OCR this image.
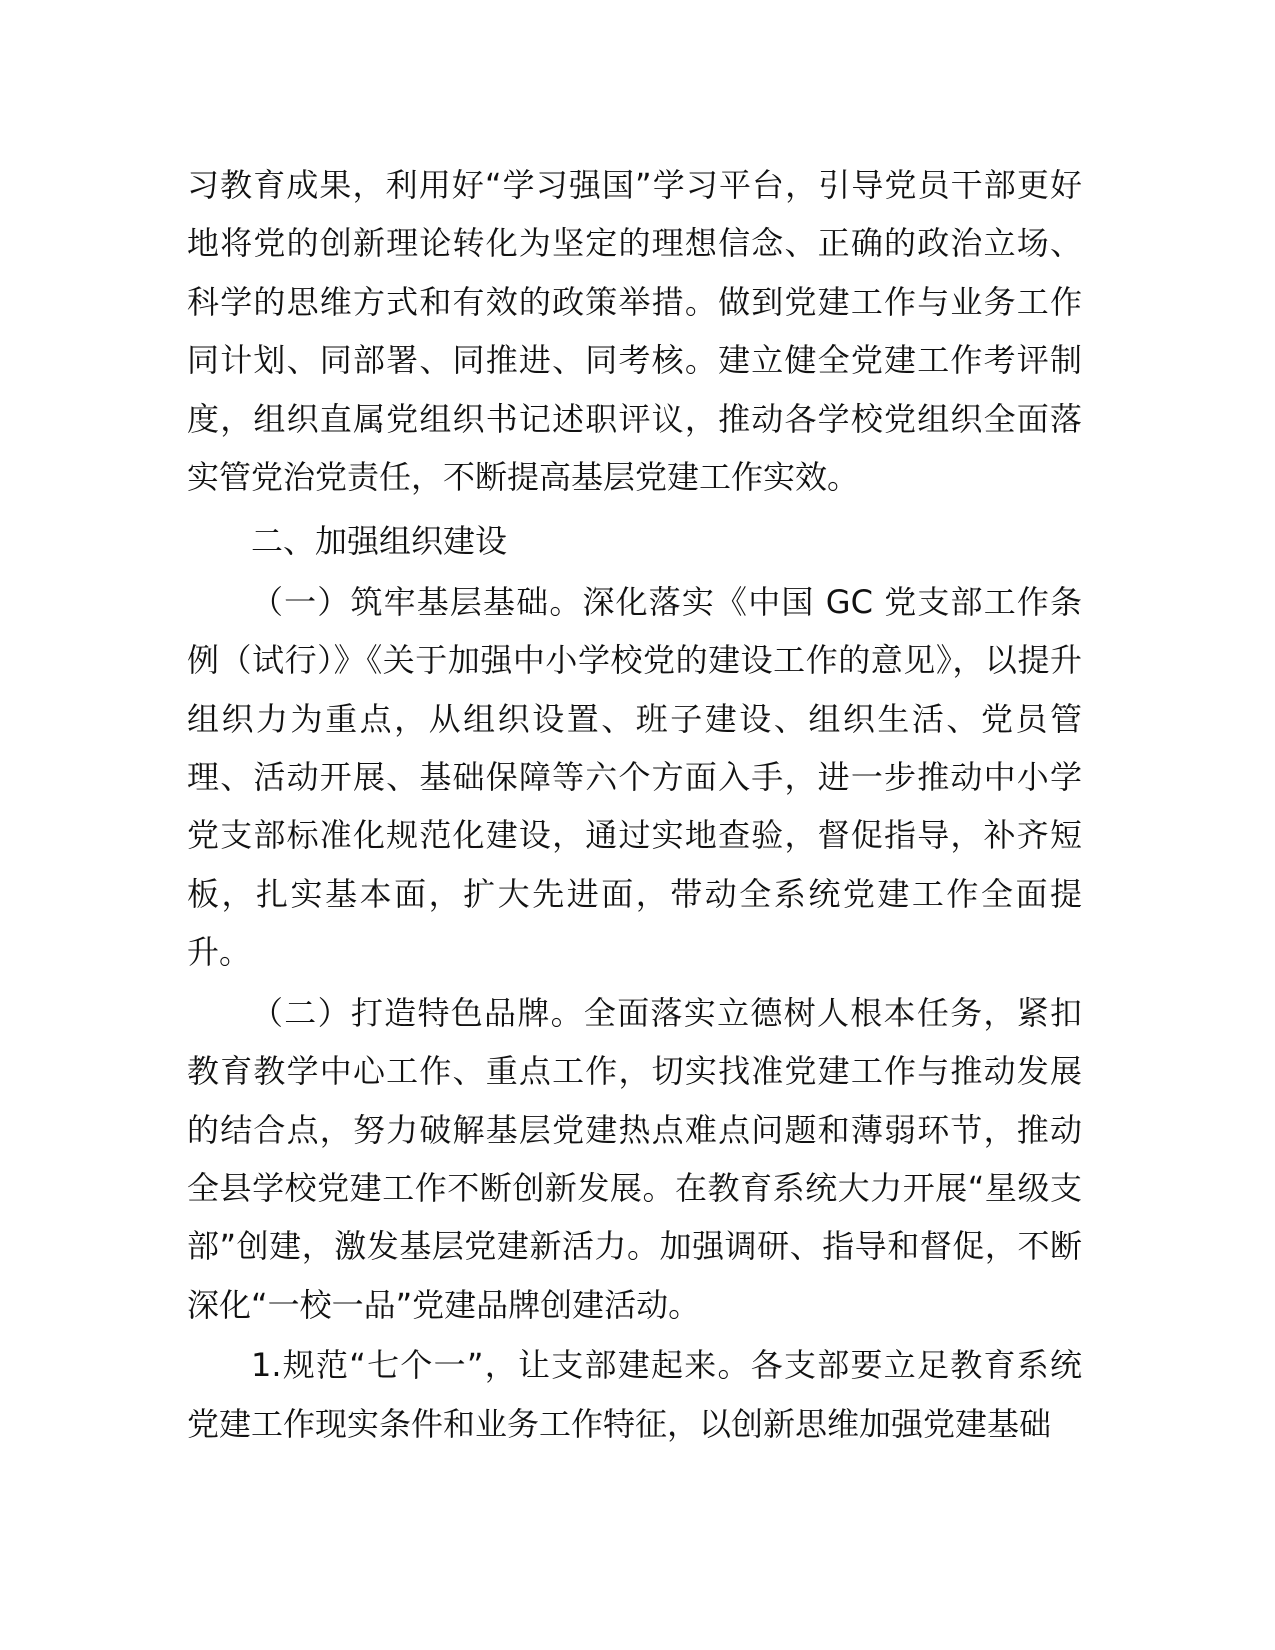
习教育成果，利用好“学习强国”学习平台，引导党员干部更好地将党的创新理论转化为坚定的理想信念、正确的政治立场、科学的思维方式和有效的政策举措。做到党建工作与业务工作同计划、同部署、同推进、同考核。建立健全党建工作考评制度，组织直属党组织书记述职评议，推动各学校党组织全面落实管党治党责任，不断提高基层党建工作实效。

二、加强组织建设

（一）筑牢基层基础。深化落实《中国 GC 党支部工作条例（试行）》《关于加强中小学校党的建设工作的意见》，以提升组织力为重点，从组织设置、班子建设、组织生活、党员管理、活动开展、基础保障等六个方面入手，进一步推动中小学党支部标准化规范化建设，通过实地查验，督促指导，补齐短板，扎实基本面，扩大先进面，带动全系统党建工作全面提升。

（二）打造特色品牌。全面落实立德树人根本任务，紧扣教育教学中心工作、重点工作，切实找准党建工作与推动发展的结合点，努力破解基层党建热点难点问题和薄弱环节，推动全县学校党建工作不断创新发展。在教育系统大力开展“星级支部”创建，激发基层党建新活力。加强调研、指导和督促，不断深化“一校一品”党建品牌创建活动。

1.规范“七个一”，让支部建起来。各支部要立足教育系统党建工作现实条件和业务工作特征，以创新思维加强党建基础
